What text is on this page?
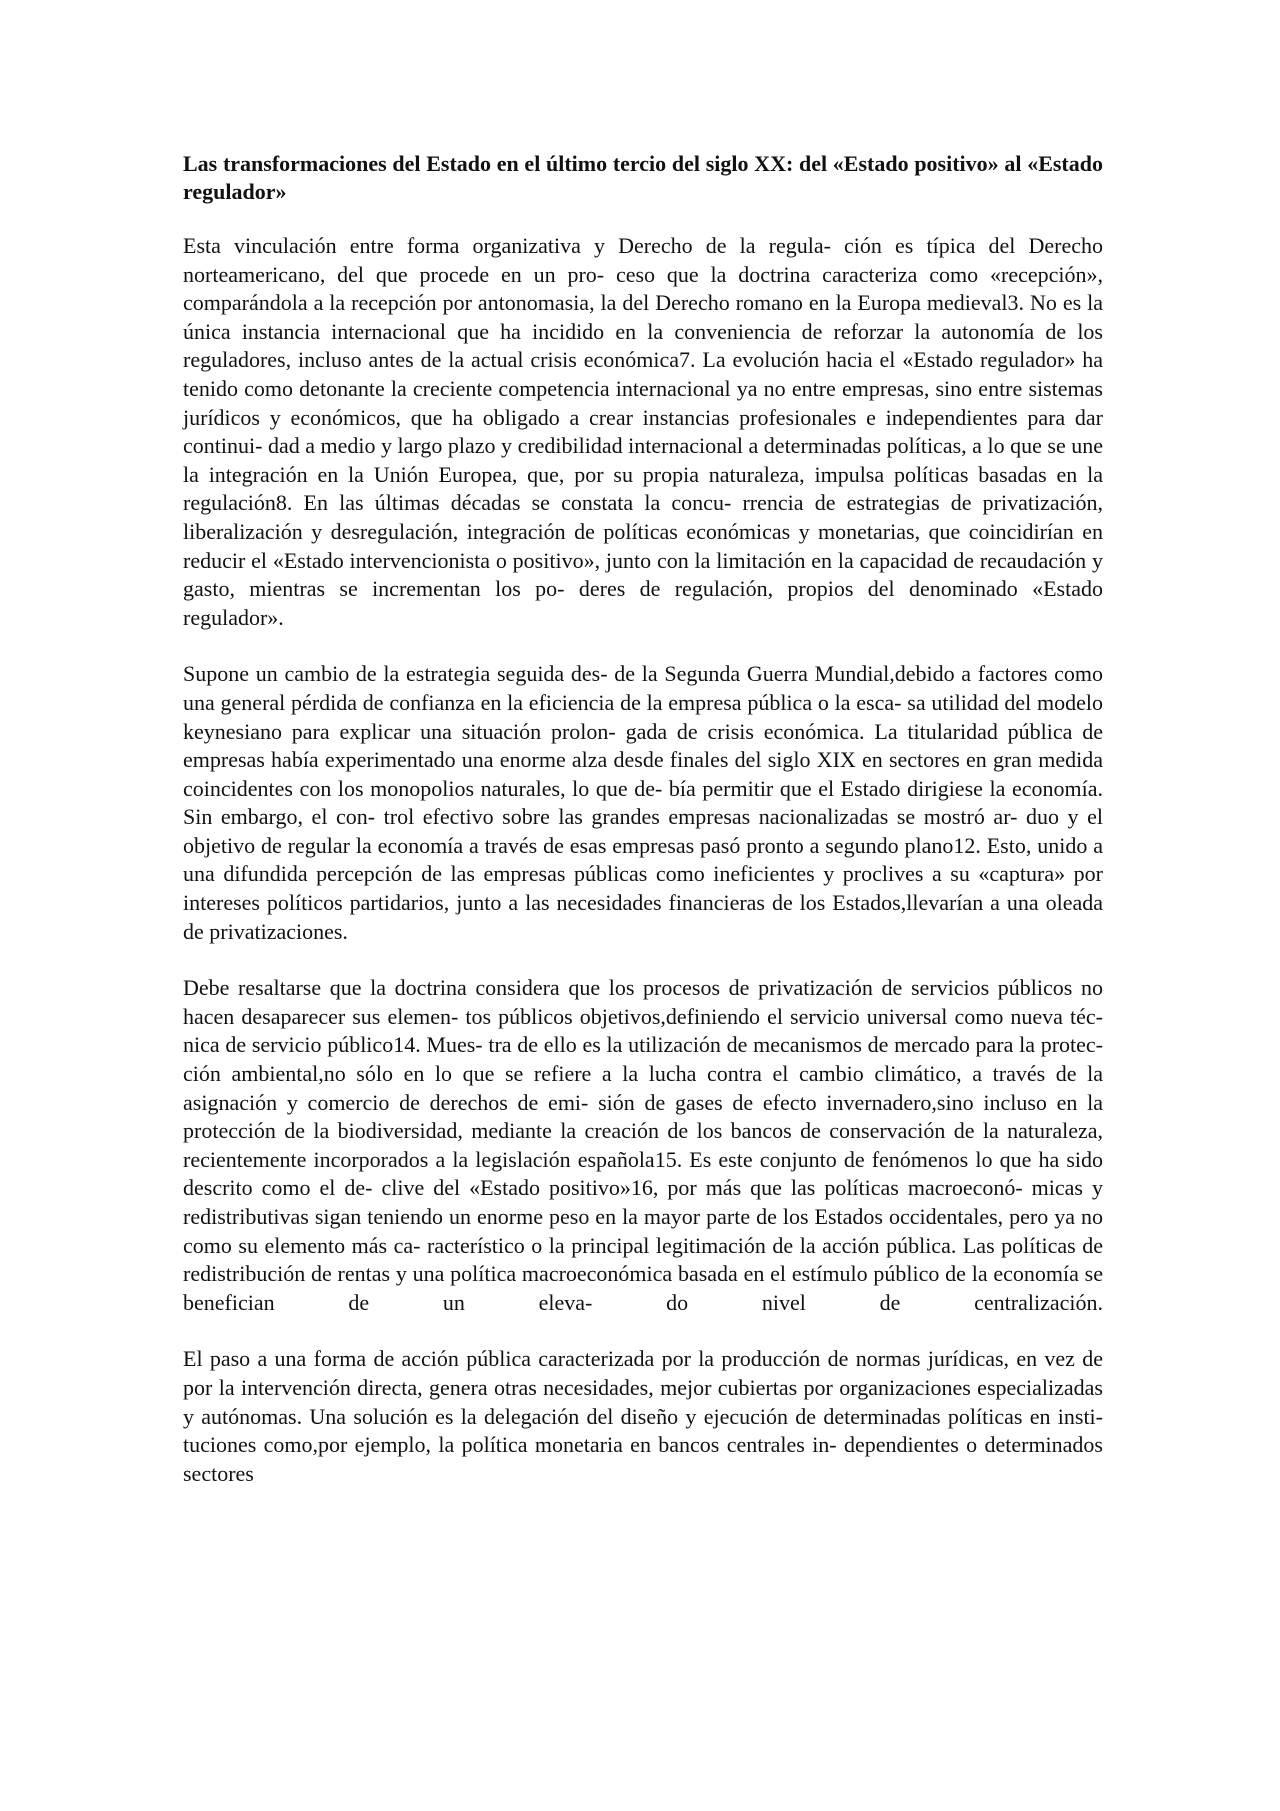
Las transformaciones del Estado en el último tercio del siglo XX: del «Estado positivo» al «Estado regulador»

Esta vinculación entre forma organizativa y Derecho de la regula- ción es típica del Derecho norteamericano, del que procede en un pro- ceso que la doctrina caracteriza como «recepción», comparándola a la recepción por antonomasia, la del Derecho romano en la Europa medieval3. No es la única instancia internacional que ha incidido en la conveniencia de reforzar la autonomía de los reguladores, incluso antes de la actual crisis económica7. La evolución hacia el «Estado regulador» ha tenido como detonante la creciente competencia internacional ya no entre empresas, sino entre sistemas jurídicos y económicos, que ha obligado a crear instancias profesionales e independientes para dar continui- dad a medio y largo plazo y credibilidad internacional a determinadas políticas, a lo que se une la integración en la Unión Europea, que, por su propia naturaleza, impulsa políticas basadas en la regulación8. En las últimas décadas se constata la concu- rrencia de estrategias de privatización, liberalización y desregulación, integración de políticas económicas y monetarias, que coincidirían en reducir el «Estado intervencionista o positivo», junto con la limitación en la capacidad de recaudación y gasto, mientras se incrementan los po- deres de regulación, propios del denominado «Estado regulador».

Supone un cambio de la estrategia seguida des- de la Segunda Guerra Mundial,debido a factores como una general pérdida de confianza en la eficiencia de la empresa pública o la esca- sa utilidad del modelo keynesiano para explicar una situación prolon- gada de crisis económica. La titularidad pública de empresas había experimentado una enorme alza desde finales del siglo XIX en sectores en gran medida coincidentes con los monopolios naturales, lo que de- bía permitir que el Estado dirigiese la economía. Sin embargo, el con- trol efectivo sobre las grandes empresas nacionalizadas se mostró ar- duo y el objetivo de regular la economía a través de esas empresas pasó pronto a segundo plano12. Esto, unido a una difundida percepción de las empresas públicas como ineficientes y proclives a su «captura» por intereses políticos partidarios, junto a las necesidades financieras de los Estados,llevarían a una oleada de privatizaciones.

Debe resaltarse que la doctrina considera que los procesos de privatización de servicios públicos no hacen desaparecer sus elemen- tos públicos objetivos,definiendo el servicio universal como nueva téc- nica de servicio público14. Mues- tra de ello es la utilización de mecanismos de mercado para la protec- ción ambiental,no sólo en lo que se refiere a la lucha contra el cambio climático, a través de la asignación y comercio de derechos de emi- sión de gases de efecto invernadero,sino incluso en la protección de la biodiversidad, mediante la creación de los bancos de conservación de la naturaleza, recientemente incorporados a la legislación española15. Es este conjunto de fenómenos lo que ha sido descrito como el de- clive del «Estado positivo»16, por más que las políticas macroeconó- micas y redistributivas sigan teniendo un enorme peso en la mayor parte de los Estados occidentales, pero ya no como su elemento más ca- racterístico o la principal legitimación de la acción pública. Las políticas de redistribución de rentas y una política macroeconómica basada en el estímulo público de la economía se benefician de un eleva- do nivel de centralización.

El paso a una forma de acción pública caracterizada por la producción de normas jurídicas, en vez de por la intervención directa, genera otras necesidades, mejor cubiertas por organizaciones especializadas y autónomas. Una solución es la delegación del diseño y ejecución de determinadas políticas en insti- tuciones como,por ejemplo, la política monetaria en bancos centrales in- dependientes o determinados sectores
